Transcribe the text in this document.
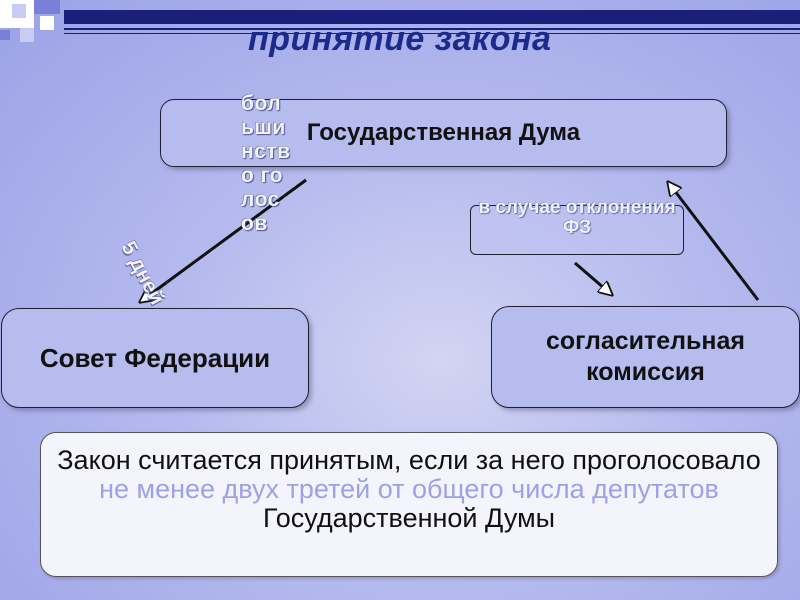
принятие закона
Государственная Дума
Совет Федерации
согласительная комиссия
в случае отклонения ФЗ
большинство голосов
5 дней
Закон считается принятым, если за него проголосовало не менее двух третей от общего числа депутатов
Государственной Думы
